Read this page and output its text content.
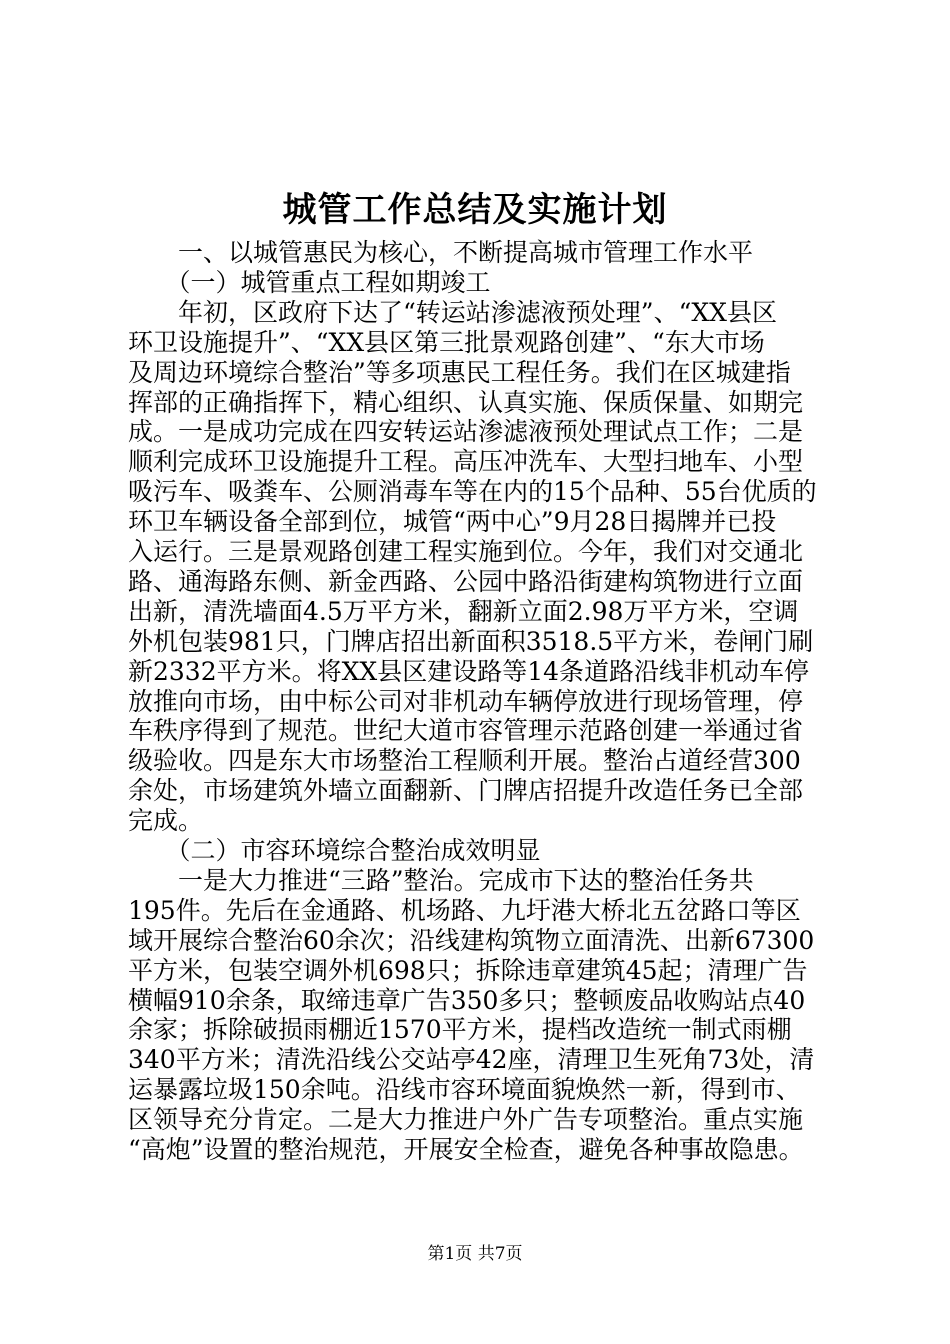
城管工作总结及实施计划
　　一、以城管惠民为核心，不断提高城市管理工作水平
　　（一）城管重点工程如期竣工
　　年初，区政府下达了“转运站渗滤液预处理”、“XX县区
环卫设施提升”、“XX县区第三批景观路创建”、“东大市场
及周边环境综合整治”等多项惠民工程任务。我们在区城建指
挥部的正确指挥下，精心组织、认真实施、保质保量、如期完
成。一是成功完成在四安转运站渗滤液预处理试点工作；二是
顺利完成环卫设施提升工程。高压冲洗车、大型扫地车、小型
吸污车、吸粪车、公厕消毒车等在内的15个品种、55台优质的
环卫车辆设备全部到位，城管“两中心”9月28日揭牌并已投
入运行。三是景观路创建工程实施到位。今年，我们对交通北
路、通海路东侧、新金西路、公园中路沿街建构筑物进行立面
出新，清洗墙面4.5万平方米，翻新立面2.98万平方米，空调
外机包装981只，门牌店招出新面积3518.5平方米，卷闸门刷
新2332平方米。将XX县区建设路等14条道路沿线非机动车停
放推向市场，由中标公司对非机动车辆停放进行现场管理，停
车秩序得到了规范。世纪大道市容管理示范路创建一举通过省
级验收。四是东大市场整治工程顺利开展。整治占道经营300
余处，市场建筑外墙立面翻新、门牌店招提升改造任务已全部
完成。
　　（二）市容环境综合整治成效明显
　　一是大力推进“三路”整治。完成市下达的整治任务共
195件。先后在金通路、机场路、九圩港大桥北五岔路口等区
域开展综合整治60余次；沿线建构筑物立面清洗、出新67300
平方米，包装空调外机698只；拆除违章建筑45起；清理广告
横幅910余条，取缔违章广告350多只；整顿废品收购站点40
余家；拆除破损雨棚近1570平方米，提档改造统一制式雨棚
340平方米；清洗沿线公交站亭42座，清理卫生死角73处，清
运暴露垃圾150余吨。沿线市容环境面貌焕然一新，得到市、
区领导充分肯定。二是大力推进户外广告专项整治。重点实施
“高炮”设置的整治规范，开展安全检查，避免各种事故隐患。
第1页 共7页
